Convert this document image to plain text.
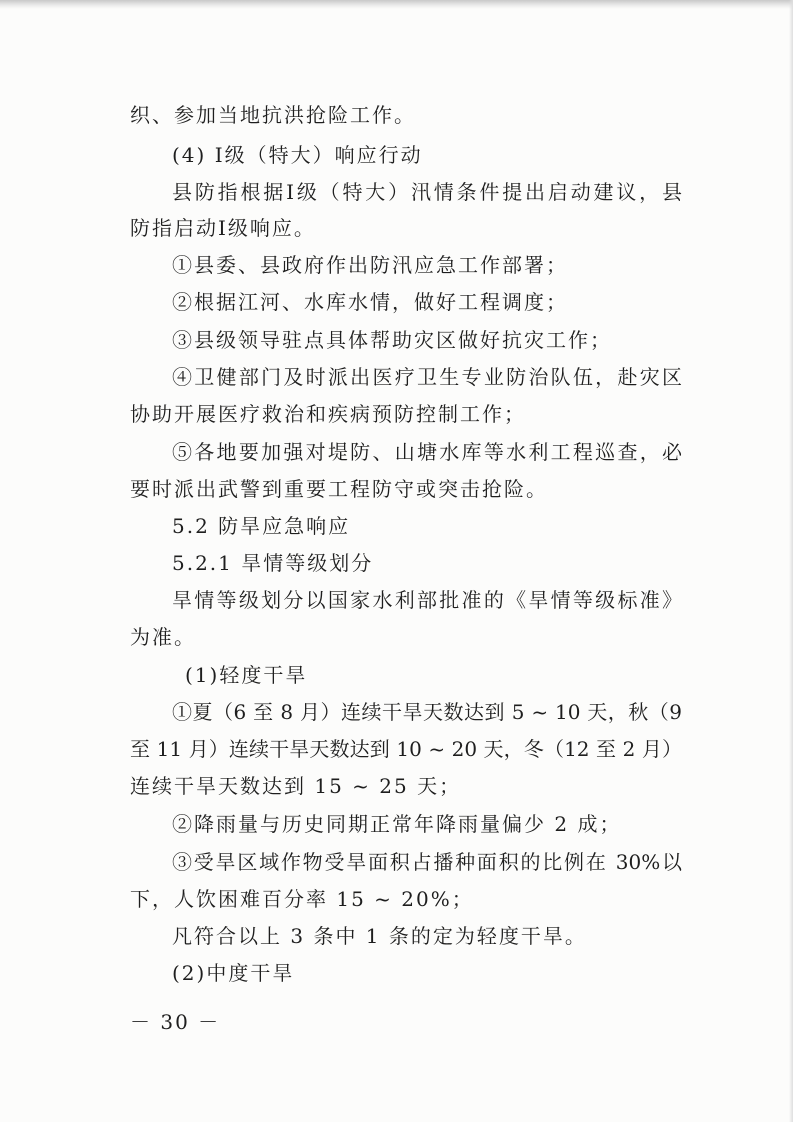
织、参加当地抗洪抢险工作。
(4) Ⅰ级（特大）响应行动
县防指根据Ⅰ级（特大）汛情条件提出启动建议，县
防指启动Ⅰ级响应。
①县委、县政府作出防汛应急工作部署；
②根据江河、水库水情，做好工程调度；
③县级领导驻点具体帮助灾区做好抗灾工作；
④卫健部门及时派出医疗卫生专业防治队伍，赴灾区
协助开展医疗救治和疾病预防控制工作；
⑤各地要加强对堤防、山塘水库等水利工程巡查，必
要时派出武警到重要工程防守或突击抢险。
5.2 防旱应急响应
5.2.1 旱情等级划分
旱情等级划分以国家水利部批准的《旱情等级标准》
为准。
(1)轻度干旱
①夏（6 至 8 月）连续干旱天数达到 5 ~ 10 天，秋（9
至 11 月）连续干旱天数达到 10 ~ 20 天，冬（12 至 2 月）
连续干旱天数达到 15 ~ 25 天；
②降雨量与历史同期正常年降雨量偏少 2 成；
③受旱区域作物受旱面积占播种面积的比例在 30%以
下，人饮困难百分率 15 ~ 20%；
凡符合以上 3 条中 1 条的定为轻度干旱。
(2)中度干旱
－ 30 －
